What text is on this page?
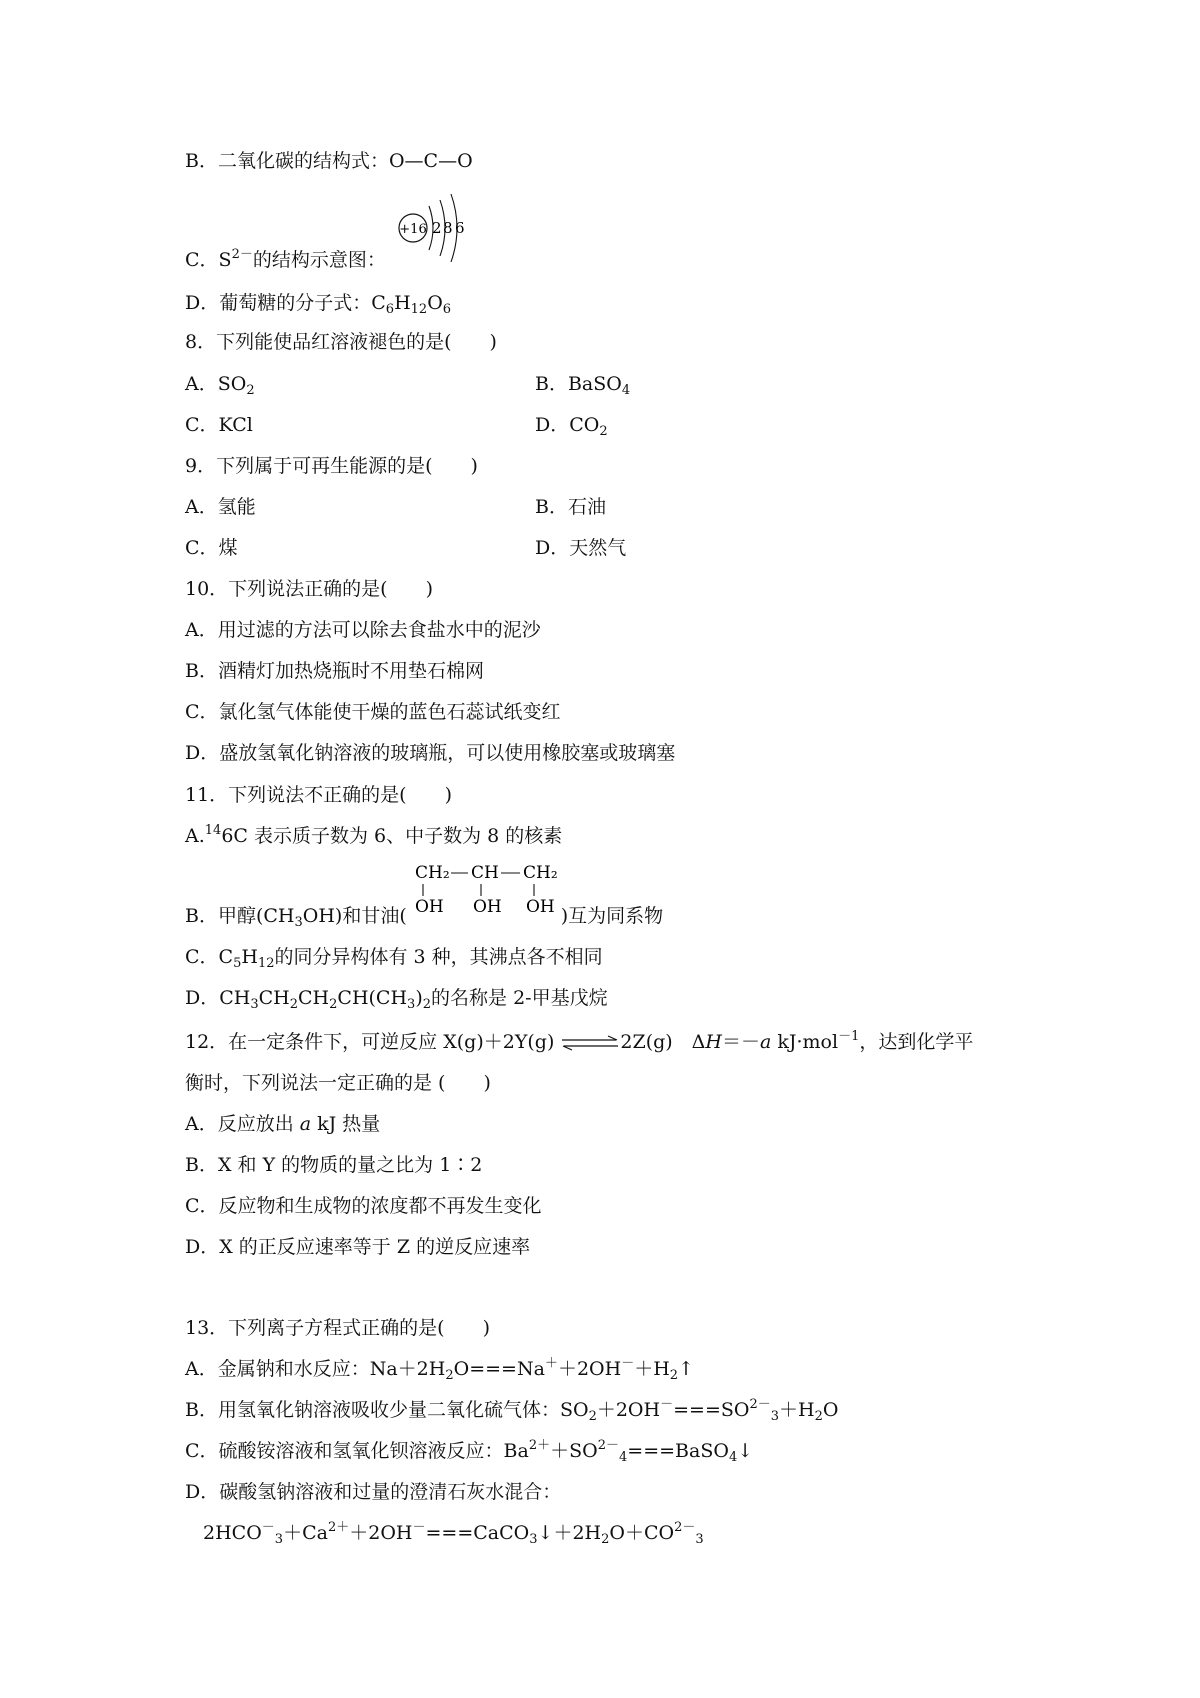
B．二氧化碳的结构式：O—C—O
+16 2 8 6
C．$S^{2-}$的结构示意图：
D．葡萄糖的分子式：$C_6H_{12}O_6$
8．下列能使品红溶液褪色的是(　　)
A．$SO_2$	B．BaSO$_4$
C．KCl	D．$CO_2$
9．下列属于可再生能源的是(　　)
A．氢能	B．石油
C．煤	D．天然气
10．下列说法正确的是(　　)
A．用过滤的方法可以除去食盐水中的泥沙
B．酒精灯加热烧瓶时不用垫石棉网
C．氯化氢气体能使干燥的蓝色石蕊试纸变红
D．盛放氢氧化钠溶液的玻璃瓶，可以使用橡胶塞或玻璃塞
11．下列说法不正确的是(　　)
A.$^{14}$6C 表示质子数为 6、中子数为 8 的核素
CH₂ CH CH₂
OH OH OH
B．甲醇$(CH_3OH)$和甘油(	)互为同系物
C．$C_5H_{12}$的同分异构体有 3 种，其沸点各不相同
D．$CH_3CH_2CH_2CH(CH_3)_2$的名称是 2-甲基戊烷
12．在一定条件下，可逆反应 X(g)＋2Y(g) ⇌2Z(g)　ΔH＝－a kJ·mol$^{-1}$，达到化学平
衡时，下列说法一定正确的是 (　　)
A．反应放出 a kJ 热量
B．X 和 Y 的物质的量之比为 1∶2
C．反应物和生成物的浓度都不再发生变化
D．X 的正反应速率等于 Z 的逆反应速率
13．下列离子方程式正确的是(　　)
A．金属钠和水反应：$Na+2H_2O===Na^++2OH^-+H_2↑$
B．用氢氧化钠溶液吸收少量二氧化硫气体：$SO_2+2OH^-===SO^{2-}_3+H_2O$
C．硫酸铵溶液和氢氧化钡溶液反应：$Ba^{2+}+SO^{2-}_4===BaSO_4↓$
D．碳酸氢钠溶液和过量的澄清石灰水混合：
$2HCO^-_3+Ca^{2+}+2OH^-===CaCO_3↓+2H_2O+CO^{2-}_3$
